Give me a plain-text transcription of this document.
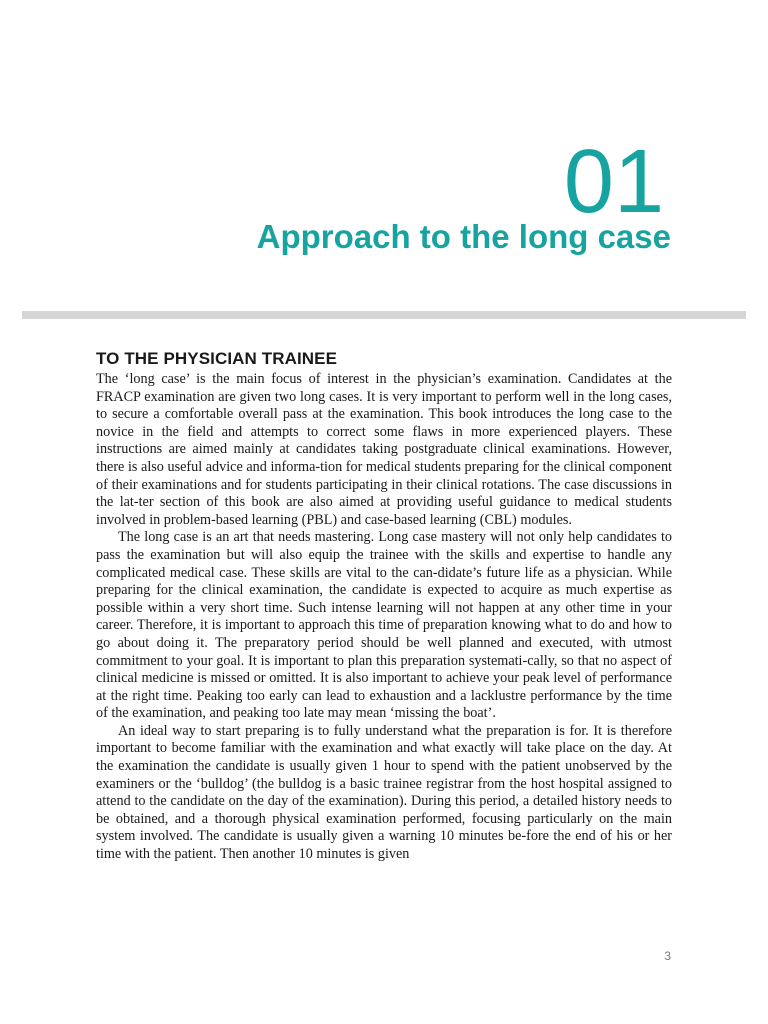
01
Approach to the long case
TO THE PHYSICIAN TRAINEE

The ‘long case’ is the main focus of interest in the physician’s examination. Candidates at the FRACP examination are given two long cases. It is very important to perform well in the long cases, to secure a comfortable overall pass at the examination. This book introduces the long case to the novice in the field and attempts to correct some flaws in more experienced players. These instructions are aimed mainly at candidates taking postgraduate clinical examinations. However, there is also useful advice and informa-tion for medical students preparing for the clinical component of their examinations and for students participating in their clinical rotations. The case discussions in the lat-ter section of this book are also aimed at providing useful guidance to medical students involved in problem-based learning (PBL) and case-based learning (CBL) modules.

The long case is an art that needs mastering. Long case mastery will not only help candidates to pass the examination but will also equip the trainee with the skills and expertise to handle any complicated medical case. These skills are vital to the can-didate’s future life as a physician. While preparing for the clinical examination, the candidate is expected to acquire as much expertise as possible within a very short time. Such intense learning will not happen at any other time in your career. Therefore, it is important to approach this time of preparation knowing what to do and how to go about doing it. The preparatory period should be well planned and executed, with utmost commitment to your goal. It is important to plan this preparation systemati-cally, so that no aspect of clinical medicine is missed or omitted. It is also important to achieve your peak level of performance at the right time. Peaking too early can lead to exhaustion and a lacklustre performance by the time of the examination, and peaking too late may mean ‘missing the boat’.

An ideal way to start preparing is to fully understand what the preparation is for. It is therefore important to become familiar with the examination and what exactly will take place on the day. At the examination the candidate is usually given 1 hour to spend with the patient unobserved by the examiners or the ‘bulldog’ (the bulldog is a basic trainee registrar from the host hospital assigned to attend to the candidate on the day of the examination). During this period, a detailed history needs to be obtained, and a thorough physical examination performed, focusing particularly on the main system involved. The candidate is usually given a warning 10 minutes be-fore the end of his or her time with the patient. Then another 10 minutes is given

3
